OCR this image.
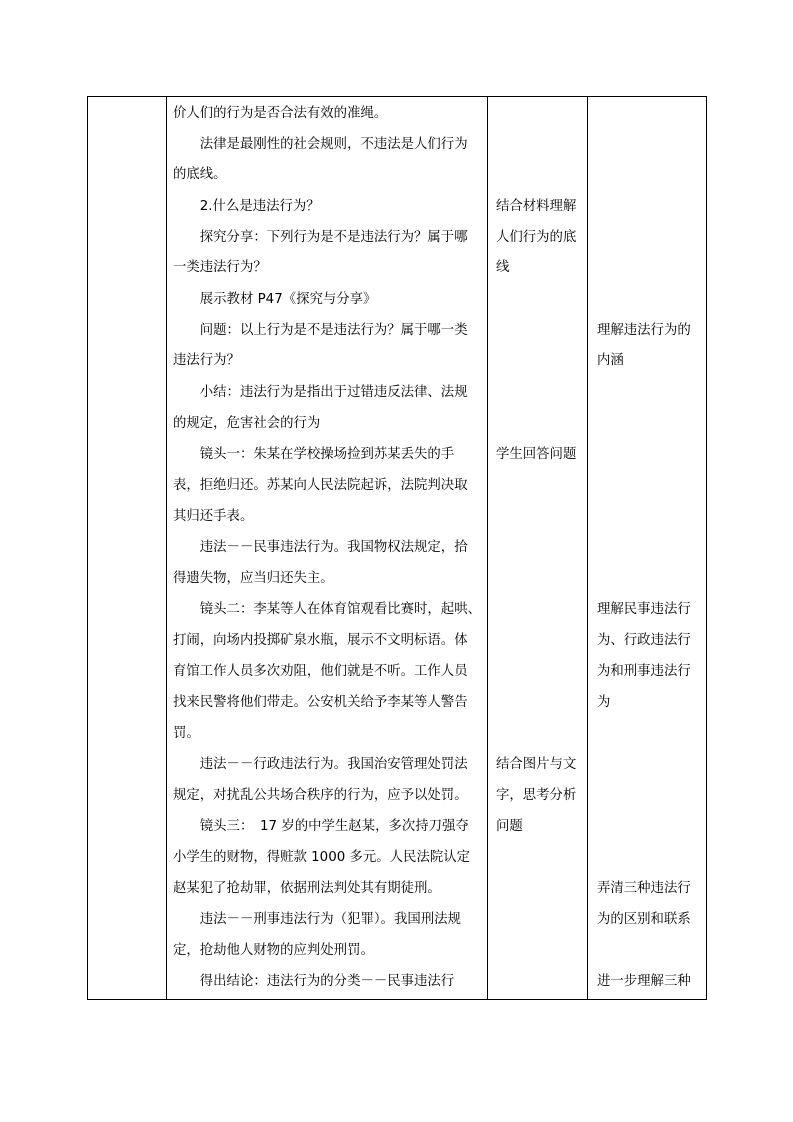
价人们的行为是否合法有效的准绳。
　　法律是最刚性的社会规则，不违法是人们行为
的底线。
　　2.什么是违法行为？
　　探究分享：下列行为是不是违法行为？属于哪
一类违法行为？
　　展示教材 P47《探究与分享》
　　问题：以上行为是不是违法行为？属于哪一类
违法行为？
　　小结：违法行为是指出于过错违反法律、法规
的规定，危害社会的行为
　　镜头一：朱某在学校操场捡到苏某丢失的手
表，拒绝归还。苏某向人民法院起诉，法院判决取
其归还手表。
　　违法－－民事违法行为。我国物权法规定，拾
得遗失物，应当归还失主。
　　镜头二：李某等人在体育馆观看比赛时，起哄、
打闹，向场内投掷矿泉水瓶，展示不文明标语。体
育馆工作人员多次劝阻，他们就是不听。工作人员
找来民警将他们带走。公安机关给予李某等人警告
罚。
　　违法－－行政违法行为。我国治安管理处罚法
规定，对扰乱公共场合秩序的行为，应予以处罚。
　　镜头三：　17 岁的中学生赵某，多次持刀强夺
小学生的财物，得赃款 1000 多元。人民法院认定
赵某犯了抢劫罪，依据刑法判处其有期徒刑。
　　违法－－刑事违法行为（犯罪）。我国刑法规
定，抢劫他人财物的应判处刑罚。
　　得出结论：违法行为的分类－－民事违法行
结合材料理解
人们行为的底
线
学生回答问题
结合图片与文
字，思考分析
问题
理解违法行为的
内涵
理解民事违法行
为、行政违法行
为和刑事违法行
为
弄清三种违法行
为的区别和联系
进一步理解三种
